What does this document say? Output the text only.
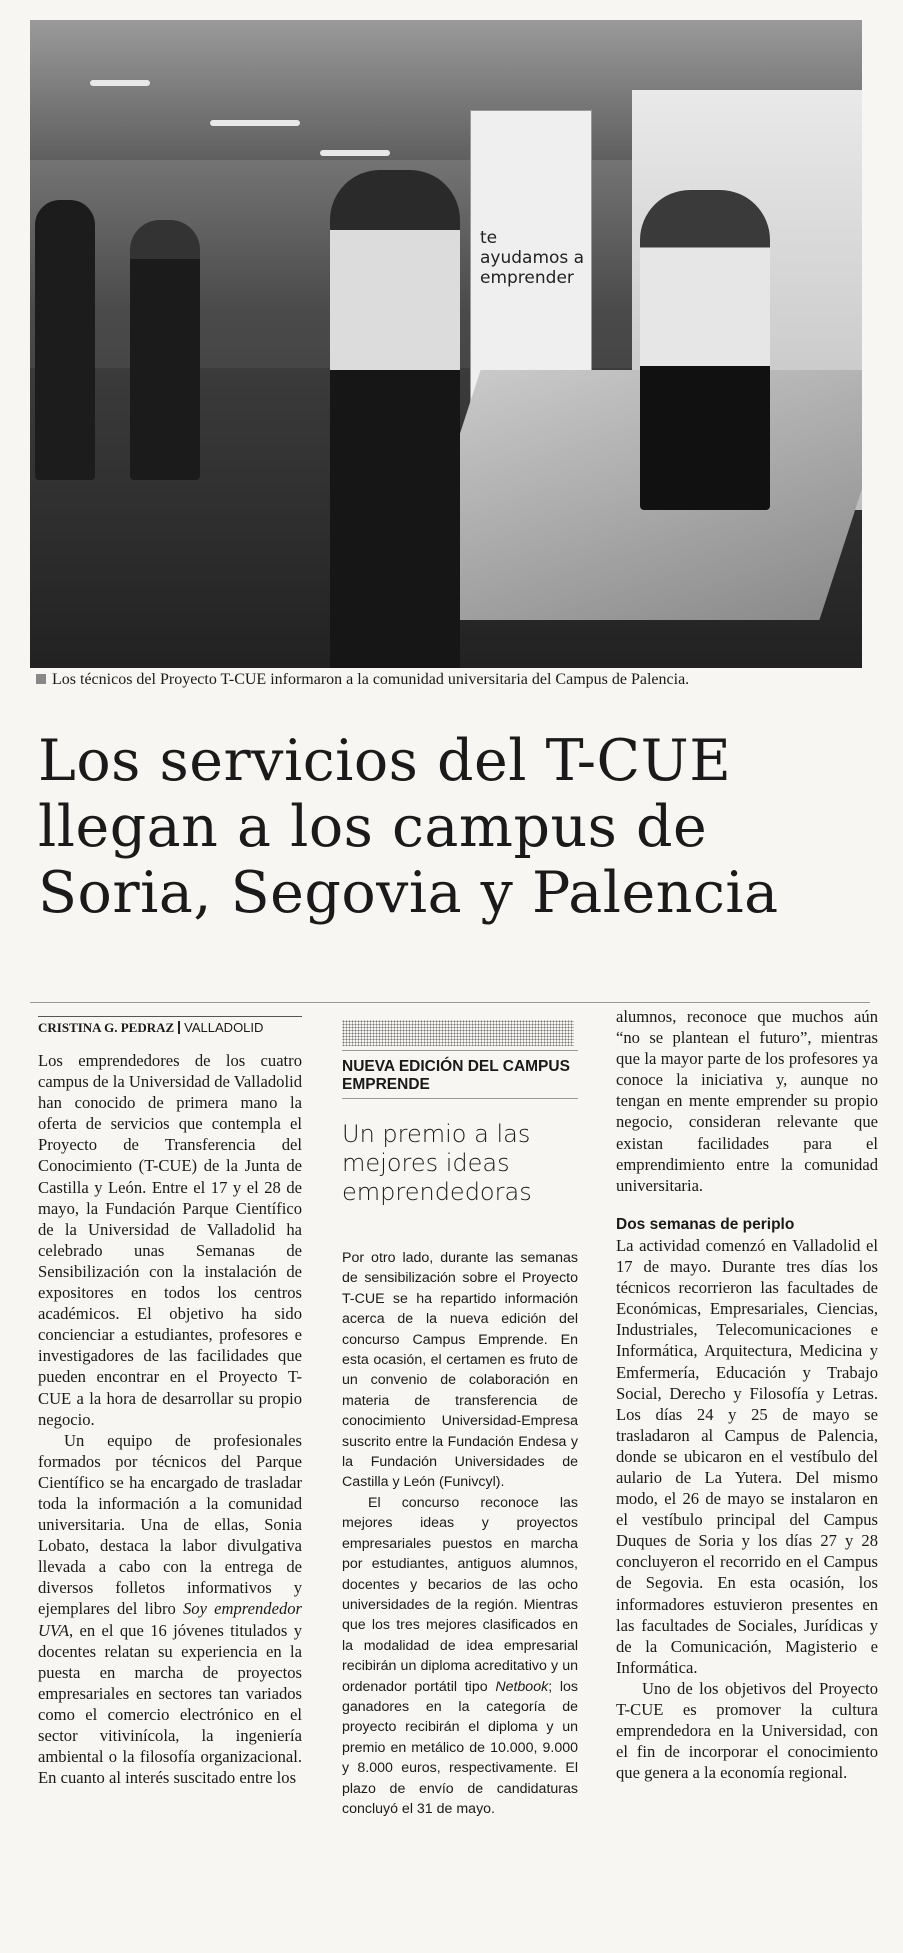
te ayudamos a emprender
Los técnicos del Proyecto T-CUE informaron a la comunidad universitaria del Campus de Palencia.
Los servicios del T-CUE llegan a los campus de Soria, Segovia y Palencia
CRISTINA G. PEDRAZ VALLADOLID

Los emprendedores de los cuatro campus de la Universidad de Valladolid han conocido de primera mano la oferta de servicios que contempla el Proyecto de Transferencia del Conocimiento (T-CUE) de la Junta de Castilla y León. Entre el 17 y el 28 de mayo, la Fundación Parque Científico de la Universidad de Valladolid ha celebrado unas Semanas de Sensibilización con la instalación de expositores en todos los centros académicos. El objetivo ha sido concienciar a estudiantes, profesores e investigadores de las facilidades que pueden encontrar en el Proyecto T-CUE a la hora de desarrollar su propio negocio.

Un equipo de profesionales formados por técnicos del Parque Científico se ha encargado de trasladar toda la información a la comunidad universitaria. Una de ellas, Sonia Lobato, destaca la labor divulgativa llevada a cabo con la entrega de diversos folletos informativos y ejemplares del libro Soy emprendedor UVA, en el que 16 jóvenes titulados y docentes relatan su experiencia en la puesta en marcha de proyectos empresariales en sectores tan variados como el comercio electrónico en el sector vitivinícola, la ingeniería ambiental o la filosofía organizacional. En cuanto al interés suscitado entre los

NUEVA EDICIÓN DEL CAMPUS EMPRENDE
Un premio a las mejores ideas emprendedoras

Por otro lado, durante las semanas de sensibilización sobre el Proyecto T-CUE se ha repartido información acerca de la nueva edición del concurso Campus Emprende. En esta ocasión, el certamen es fruto de un convenio de colaboración en materia de transferencia de conocimiento Universidad-Empresa suscrito entre la Fundación Endesa y la Fundación Universidades de Castilla y León (Funivcyl).

El concurso reconoce las mejores ideas y proyectos empresariales puestos en marcha por estudiantes, antiguos alumnos, docentes y becarios de las ocho universidades de la región. Mientras que los tres mejores clasificados en la modalidad de idea empresarial recibirán un diploma acreditativo y un ordenador portátil tipo Netbook; los ganadores en la categoría de proyecto recibirán el diploma y un premio en metálico de 10.000, 9.000 y 8.000 euros, respectivamente. El plazo de envío de candidaturas concluyó el 31 de mayo.

alumnos, reconoce que muchos aún “no se plantean el futuro”, mientras que la mayor parte de los profesores ya conoce la iniciativa y, aunque no tengan en mente emprender su propio negocio, consideran relevante que existan facilidades para el emprendimiento entre la comunidad universitaria.

Dos semanas de periplo

La actividad comenzó en Valladolid el 17 de mayo. Durante tres días los técnicos recorrieron las facultades de Económicas, Empresariales, Ciencias, Industriales, Telecomunicaciones e Informática, Arquitectura, Medicina y Emfermería, Educación y Trabajo Social, Derecho y Filosofía y Letras. Los días 24 y 25 de mayo se trasladaron al Campus de Palencia, donde se ubicaron en el vestíbulo del aulario de La Yutera. Del mismo modo, el 26 de mayo se instalaron en el vestíbulo principal del Campus Duques de Soria y los días 27 y 28 concluyeron el recorrido en el Campus de Segovia. En esta ocasión, los informadores estuvieron presentes en las facultades de Sociales, Jurídicas y de la Comunicación, Magisterio e Informática.

Uno de los objetivos del Proyecto T-CUE es promover la cultura emprendedora en la Universidad, con el fin de incorporar el conocimiento que genera a la economía regional.
